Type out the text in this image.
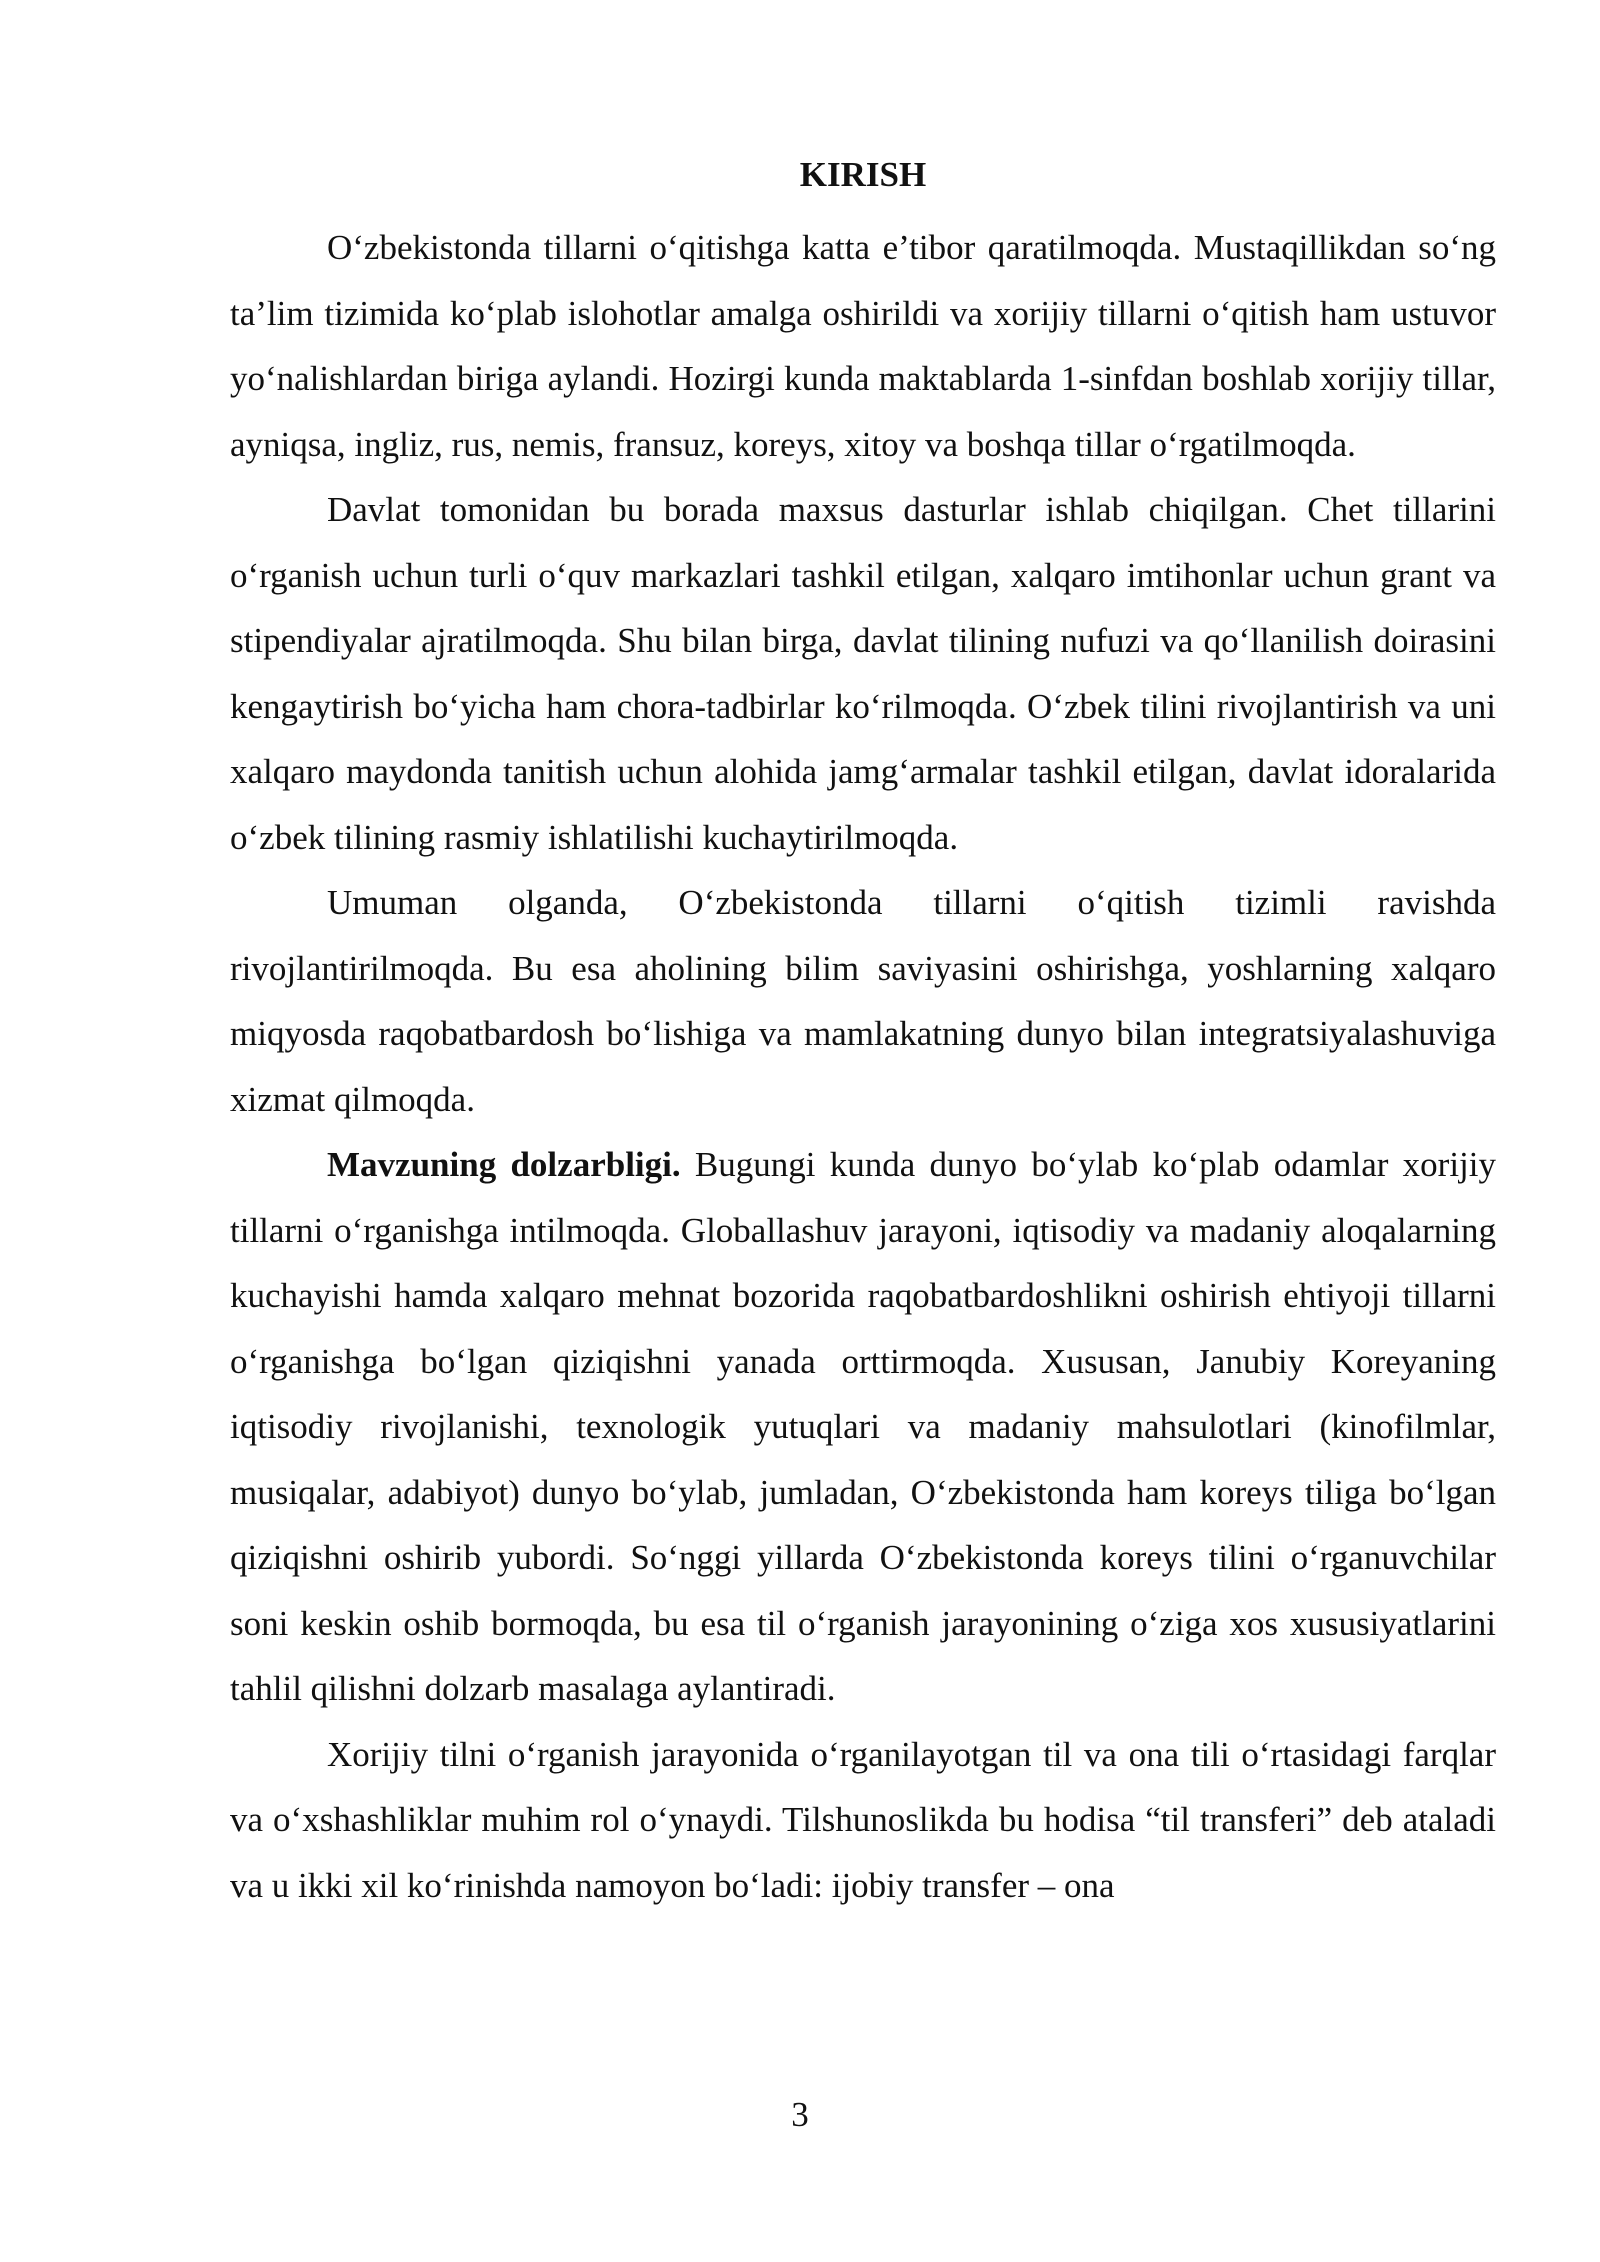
KIRISH

O‘zbekistonda tillarni o‘qitishga katta e’tibor qaratilmoqda. Mustaqillikdan so‘ng ta’lim tizimida ko‘plab islohotlar amalga oshirildi va xorijiy tillarni o‘qitish ham ustuvor yo‘nalishlardan biriga aylandi. Hozirgi kunda maktablarda 1-sinfdan boshlab xorijiy tillar, ayniqsa, ingliz, rus, nemis, fransuz, koreys, xitoy va boshqa tillar o‘rgatilmoqda.

Davlat tomonidan bu borada maxsus dasturlar ishlab chiqilgan. Chet tillarini o‘rganish uchun turli o‘quv markazlari tashkil etilgan, xalqaro imtihonlar uchun grant va stipendiyalar ajratilmoqda. Shu bilan birga, davlat tilining nufuzi va qo‘llanilish doirasini kengaytirish bo‘yicha ham chora-tadbirlar ko‘rilmoqda. O‘zbek tilini rivojlantirish va uni xalqaro maydonda tanitish uchun alohida jamg‘armalar tashkil etilgan, davlat idoralarida o‘zbek tilining rasmiy ishlatilishi kuchaytirilmoqda.

Umuman olganda, O‘zbekistonda tillarni o‘qitish tizimli ravishda rivojlantirilmoqda. Bu esa aholining bilim saviyasini oshirishga, yoshlarning xalqaro miqyosda raqobatbardosh bo‘lishiga va mamlakatning dunyo bilan integratsiyalashuviga xizmat qilmoqda.

Mavzuning dolzarbligi. Bugungi kunda dunyo bo‘ylab ko‘plab odamlar xorijiy tillarni o‘rganishga intilmoqda. Globallashuv jarayoni, iqtisodiy va madaniy aloqalarning kuchayishi hamda xalqaro mehnat bozorida raqobatbardoshlikni oshirish ehtiyoji tillarni o‘rganishga bo‘lgan qiziqishni yanada orttirmoqda. Xususan, Janubiy Koreyaning iqtisodiy rivojlanishi, texnologik yutuqlari va madaniy mahsulotlari (kinofilmlar, musiqalar, adabiyot) dunyo bo‘ylab, jumladan, O‘zbekistonda ham koreys tiliga bo‘lgan qiziqishni oshirib yubordi. So‘nggi yillarda O‘zbekistonda koreys tilini o‘rganuvchilar soni keskin oshib bormoqda, bu esa til o‘rganish jarayonining o‘ziga xos xususiyatlarini tahlil qilishni dolzarb masalaga aylantiradi.

Xorijiy tilni o‘rganish jarayonida o‘rganilayotgan til va ona tili o‘rtasidagi farqlar va o‘xshashliklar muhim rol o‘ynaydi. Tilshunoslikda bu hodisa “til transferi” deb ataladi va u ikki xil ko‘rinishda namoyon bo‘ladi: ijobiy transfer – ona

3
